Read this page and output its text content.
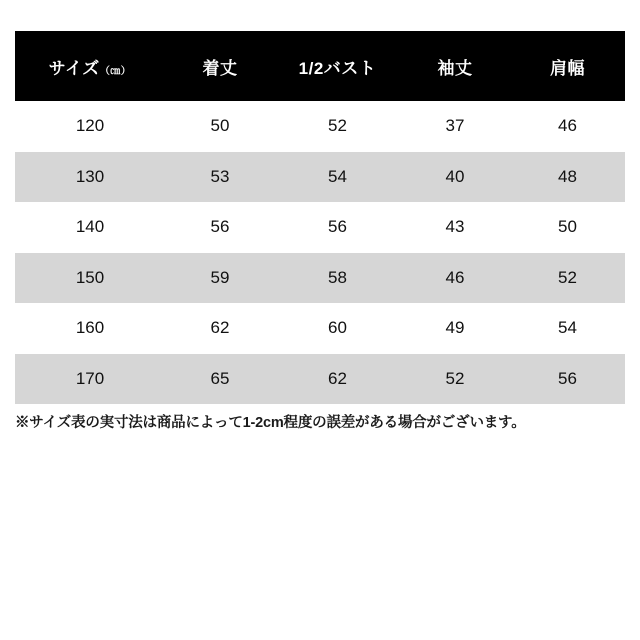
サイズ（㎝）	着丈	1/2バスト	袖丈	肩幅
120	50	52	37	46
130	53	54	40	48
140	56	56	43	50
150	59	58	46	52
160	62	60	49	54
170	65	62	52	56
※サイズ表の実寸法は商品によって1-2cm程度の誤差がある場合がございます。
